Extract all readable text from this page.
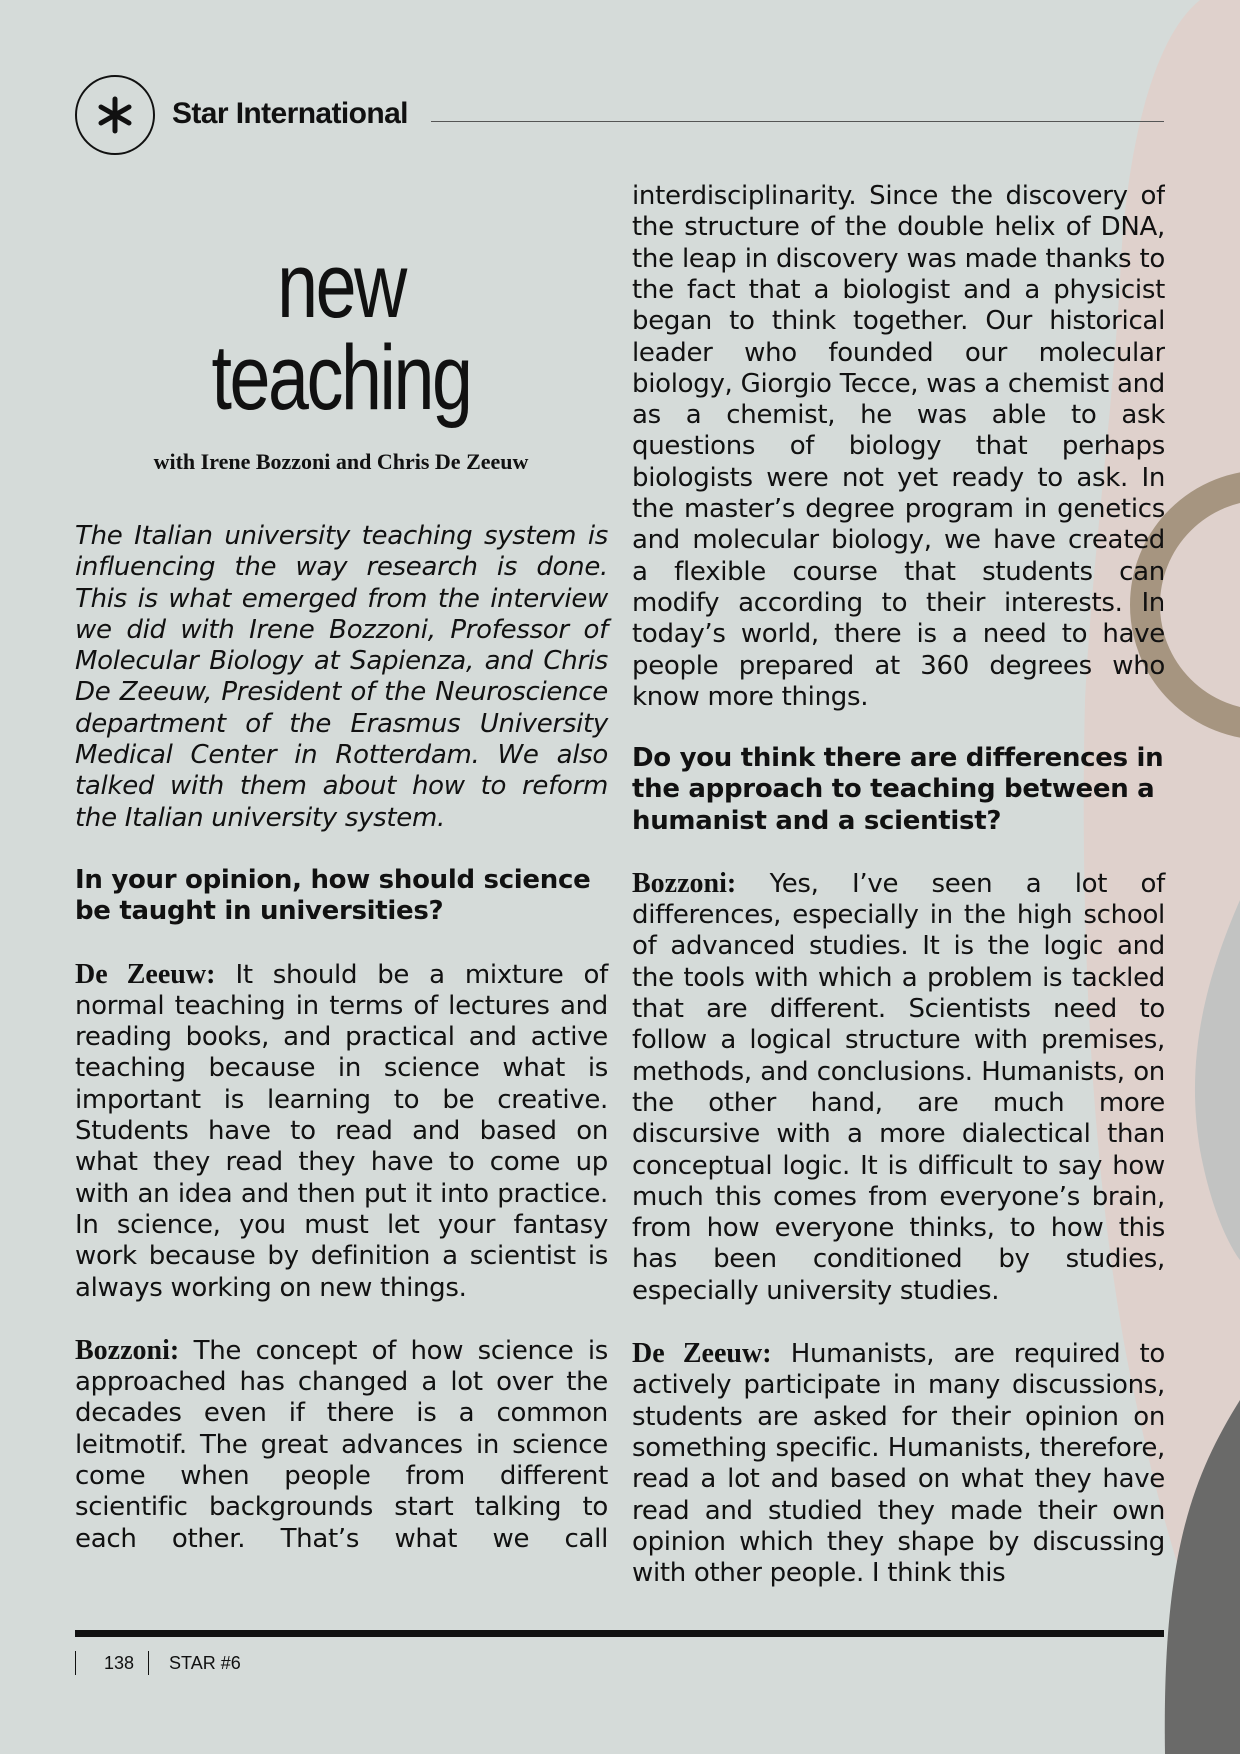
Star International
new
teaching
with Irene Bozzoni and Chris De Zeeuw

The Italian university teaching system is influencing the way research is done. This is what emerged from the interview we did with Irene Bozzoni, Professor of Molecular Biology at Sapienza, and Chris De Zeeuw, President of the Neuroscience department of the Erasmus University Medical Center in Rotterdam. We also talked with them about how to reform the Italian university system.

In your opinion, how should science be taught in universities?

De Zeeuw: It should be a mixture of normal teaching in terms of lectures and reading books, and practical and active teaching because in science what is important is learning to be creative. Students have to read and based on what they read they have to come up with an idea and then put it into practice. In science, you must let your fantasy work because by definition a scientist is always working on new things.

Bozzoni: The concept of how science is approached has changed a lot over the decades even if there is a common leitmotif. The great advances in science come when people from different scientific backgrounds start talking to each other. That’s what we call

interdisciplinarity. Since the discovery of the structure of the double helix of DNA, the leap in discovery was made thanks to the fact that a biologist and a physicist began to think together. Our historical leader who founded our molecular biology, Giorgio Tecce, was a chemist and as a chemist, he was able to ask questions of biology that perhaps biologists were not yet ready to ask. In the master’s degree program in genetics and molecular biology, we have created a flexible course that students can modify according to their interests. In today’s world, there is a need to have people prepared at 360 degrees who know more things.

Do you think there are differences in the approach to teaching between a humanist and a scientist?

Bozzoni: Yes, I’ve seen a lot of differences, especially in the high school of advanced studies. It is the logic and the tools with which a problem is tackled that are different. Scientists need to follow a logical structure with premises, methods, and conclusions. Humanists, on the other hand, are much more discursive with a more dialectical than conceptual logic. It is difficult to say how much this comes from everyone’s brain, from how everyone thinks, to how this has been conditioned by studies, especially university studies.

De Zeeuw: Humanists, are required to actively participate in many discussions, students are asked for their opinion on something specific. Humanists, therefore, read a lot and based on what they have read and studied they made their own opinion which they shape by discussing with other people. I think this

138 STAR #6
